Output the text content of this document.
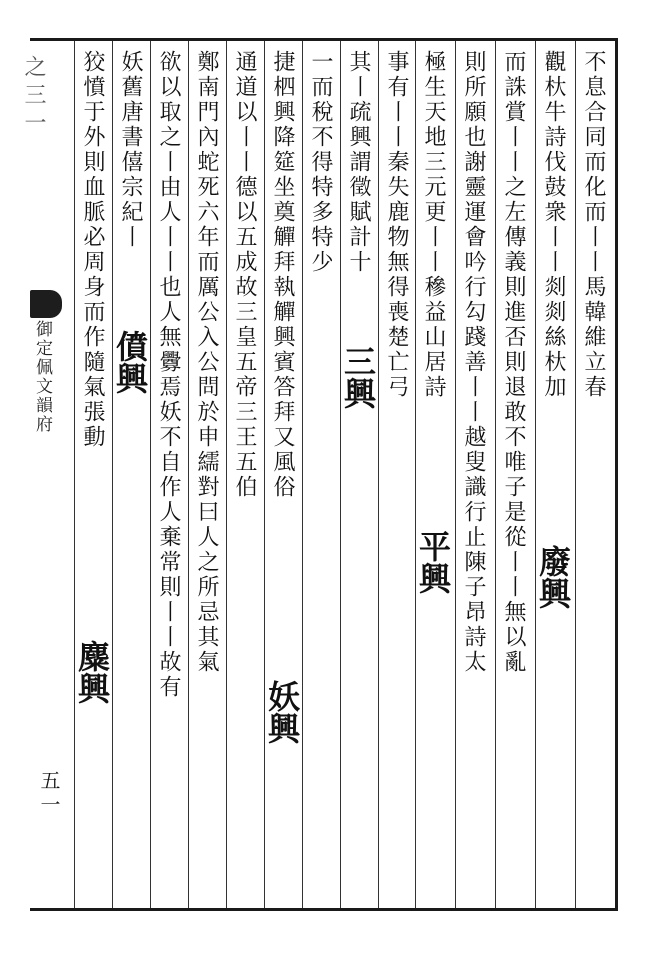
不息合同而化而丨丨馬韓維立春
觀杕牛詩伐鼓衆丨丨剡剡絲杕加
而誅賞丨丨之左傳義則進否則退敢不唯子是從丨丨無以亂
則所願也謝靈運會吟行勾踐善丨丨越叟識行止陳子昂詩太
極生天地三元更丨丨穇益山居詩
事有丨丨秦失鹿物無得喪楚亡弓
其丨疏興謂徵賦計十
一而稅不得特多特少
捷柶興降筵坐奠觶拜執觶興賓答拜又風俗
通道以丨丨德以五成故三皇五帝三王五伯
鄭南門內蛇死六年而厲公入公問於申繻對曰人之所忌其氣
欲以取之丨由人丨丨也人無釁焉妖不自作人棄常則丨丨故有
妖舊唐書僖宗紀丨
狡憤于外則血脈必周身而作隨氣張動
廢興
平興
三興
妖興
僨興
麋興
之三一
御定佩文韻府
五一
